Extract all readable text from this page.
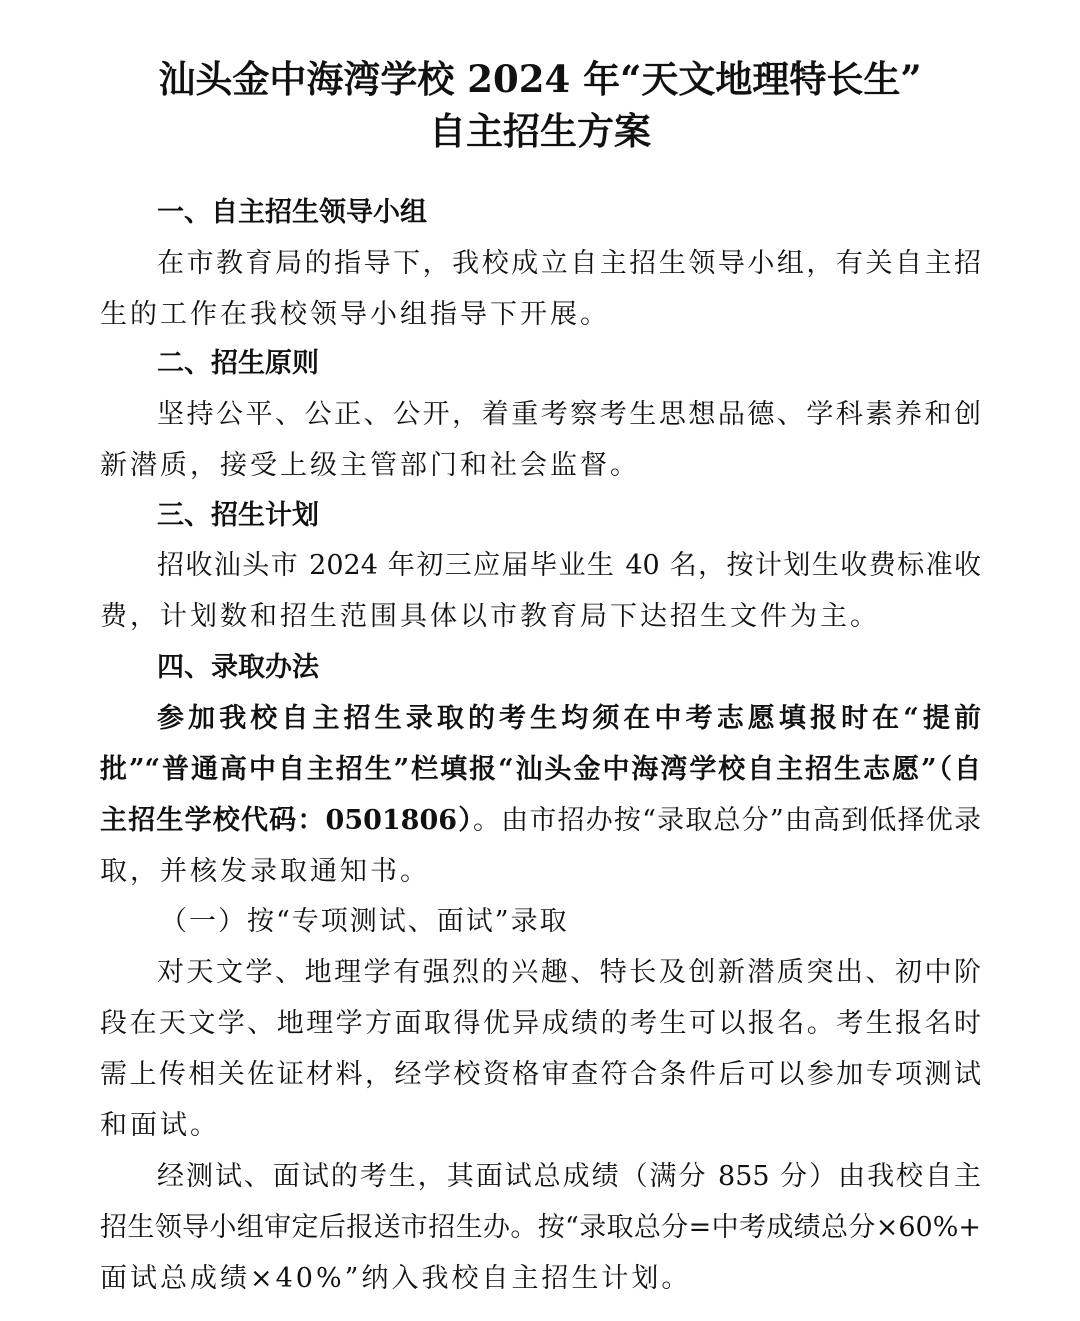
汕头金中海湾学校 2024 年“天文地理特长生”
自主招生方案
一、自主招生领导小组
在市教育局的指导下，我校成立自主招生领导小组，有关自主招
生的工作在我校领导小组指导下开展。
二、招生原则
坚持公平、公正、公开，着重考察考生思想品德、学科素养和创
新潜质，接受上级主管部门和社会监督。
三、招生计划
招收汕头市 2024 年初三应届毕业生 40 名，按计划生收费标准收
费，计划数和招生范围具体以市教育局下达招生文件为主。
四、录取办法
参加我校自主招生录取的考生均须在中考志愿填报时在“提前
批”“普通高中自主招生”栏填报“汕头金中海湾学校自主招生志愿”（自
主招生学校代码：0501806）。由市招办按“录取总分”由高到低择优录
取，并核发录取通知书。
（一）按“专项测试、面试”录取
对天文学、地理学有强烈的兴趣、特长及创新潜质突出、初中阶
段在天文学、地理学方面取得优异成绩的考生可以报名。考生报名时
需上传相关佐证材料，经学校资格审查符合条件后可以参加专项测试
和面试。
经测试、面试的考生，其面试总成绩（满分 855 分）由我校自主
招生领导小组审定后报送市招生办。按“录取总分=中考成绩总分×60%+
面试总成绩×40%”纳入我校自主招生计划。
